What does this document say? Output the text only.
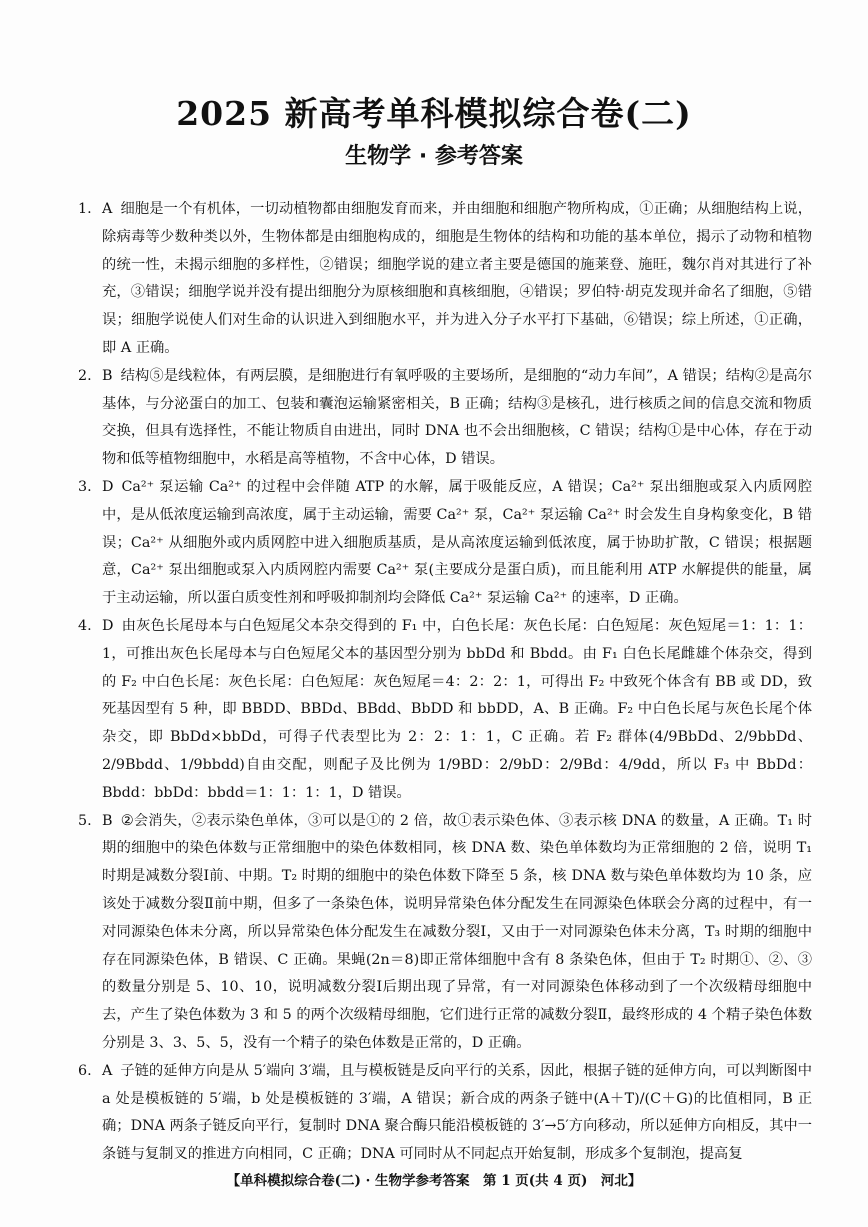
2025 新高考单科模拟综合卷(二)
生物学 · 参考答案
1. A 细胞是一个有机体，一切动植物都由细胞发育而来，并由细胞和细胞产物所构成，①正确；从细胞结构上说，除病毒等少数种类以外，生物体都是由细胞构成的，细胞是生物体的结构和功能的基本单位，揭示了动物和植物的统一性，未揭示细胞的多样性，②错误；细胞学说的建立者主要是德国的施莱登、施旺，魏尔肖对其进行了补充，③错误；细胞学说并没有提出细胞分为原核细胞和真核细胞，④错误；罗伯特·胡克发现并命名了细胞，⑤错误；细胞学说使人们对生命的认识进入到细胞水平，并为进入分子水平打下基础，⑥错误；综上所述，①正确，即 A 正确。
2. B 结构⑤是线粒体，有两层膜，是细胞进行有氧呼吸的主要场所，是细胞的“动力车间”，A 错误；结构②是高尔基体，与分泌蛋白的加工、包装和囊泡运输紧密相关，B 正确；结构③是核孔，进行核质之间的信息交流和物质交换，但具有选择性，不能让物质自由进出，同时 DNA 也不会出细胞核，C 错误；结构①是中心体，存在于动物和低等植物细胞中，水稻是高等植物，不含中心体，D 错误。
3. D Ca²⁺ 泵运输 Ca²⁺ 的过程中会伴随 ATP 的水解，属于吸能反应，A 错误；Ca²⁺ 泵出细胞或泵入内质网腔中，是从低浓度运输到高浓度，属于主动运输，需要 Ca²⁺ 泵，Ca²⁺ 泵运输 Ca²⁺ 时会发生自身构象变化，B 错误；Ca²⁺ 从细胞外或内质网腔中进入细胞质基质，是从高浓度运输到低浓度，属于协助扩散，C 错误；根据题意，Ca²⁺ 泵出细胞或泵入内质网腔内需要 Ca²⁺ 泵(主要成分是蛋白质)，而且能利用 ATP 水解提供的能量，属于主动运输，所以蛋白质变性剂和呼吸抑制剂均会降低 Ca²⁺ 泵运输 Ca²⁺ 的速率，D 正确。
4. D 由灰色长尾母本与白色短尾父本杂交得到的 F₁ 中，白色长尾：灰色长尾：白色短尾：灰色短尾＝1：1：1：1，可推出灰色长尾母本与白色短尾父本的基因型分别为 bbDd 和 Bbdd。由 F₁ 白色长尾雌雄个体杂交，得到的 F₂ 中白色长尾：灰色长尾：白色短尾：灰色短尾＝4：2：2：1，可得出 F₂ 中致死个体含有 BB 或 DD，致死基因型有 5 种，即 BBDD、BBDd、BBdd、BbDD 和 bbDD，A、B 正确。F₂ 中白色长尾与灰色长尾个体杂交，即 BbDd×bbDd，可得子代表型比为 2：2：1：1，C 正确。若 F₂ 群体(4/9BbDd、2/9bbDd、2/9Bbdd、1/9bbdd)自由交配，则配子及比例为 1/9BD：2/9bD：2/9Bd：4/9dd，所以 F₃ 中 BbDd：Bbdd：bbDd：bbdd＝1：1：1：1，D 错误。
5. B ②会消失，②表示染色单体，③可以是①的 2 倍，故①表示染色体、③表示核 DNA 的数量，A 正确。T₁ 时期的细胞中的染色体数与正常细胞中的染色体数相同，核 DNA 数、染色单体数均为正常细胞的 2 倍，说明 T₁ 时期是减数分裂Ⅰ前、中期。T₂ 时期的细胞中的染色体数下降至 5 条，核 DNA 数与染色单体数均为 10 条，应该处于减数分裂Ⅱ前中期，但多了一条染色体，说明异常染色体分配发生在同源染色体联会分离的过程中，有一对同源染色体未分离，所以异常染色体分配发生在减数分裂Ⅰ，又由于一对同源染色体未分离，T₃ 时期的细胞中存在同源染色体，B 错误、C 正确。果蝇(2n＝8)即正常体细胞中含有 8 条染色体，但由于 T₂ 时期①、②、③的数量分别是 5、10、10，说明减数分裂Ⅰ后期出现了异常，有一对同源染色体移动到了一个次级精母细胞中去，产生了染色体数为 3 和 5 的两个次级精母细胞，它们进行正常的减数分裂Ⅱ，最终形成的 4 个精子染色体数分别是 3、3、5、5，没有一个精子的染色体数是正常的，D 正确。
6. A 子链的延伸方向是从 5′端向 3′端，且与模板链是反向平行的关系，因此，根据子链的延伸方向，可以判断图中 a 处是模板链的 5′端，b 处是模板链的 3′端，A 错误；新合成的两条子链中(A＋T)/(C＋G)的比值相同，B 正确；DNA 两条子链反向平行，复制时 DNA 聚合酶只能沿模板链的 3′→5′方向移动，所以延伸方向相反，其中一条链与复制叉的推进方向相同，C 正确；DNA 可同时从不同起点开始复制，形成多个复制泡，提高复
【单科模拟综合卷(二) · 生物学参考答案　第 1 页(共 4 页)　河北】
